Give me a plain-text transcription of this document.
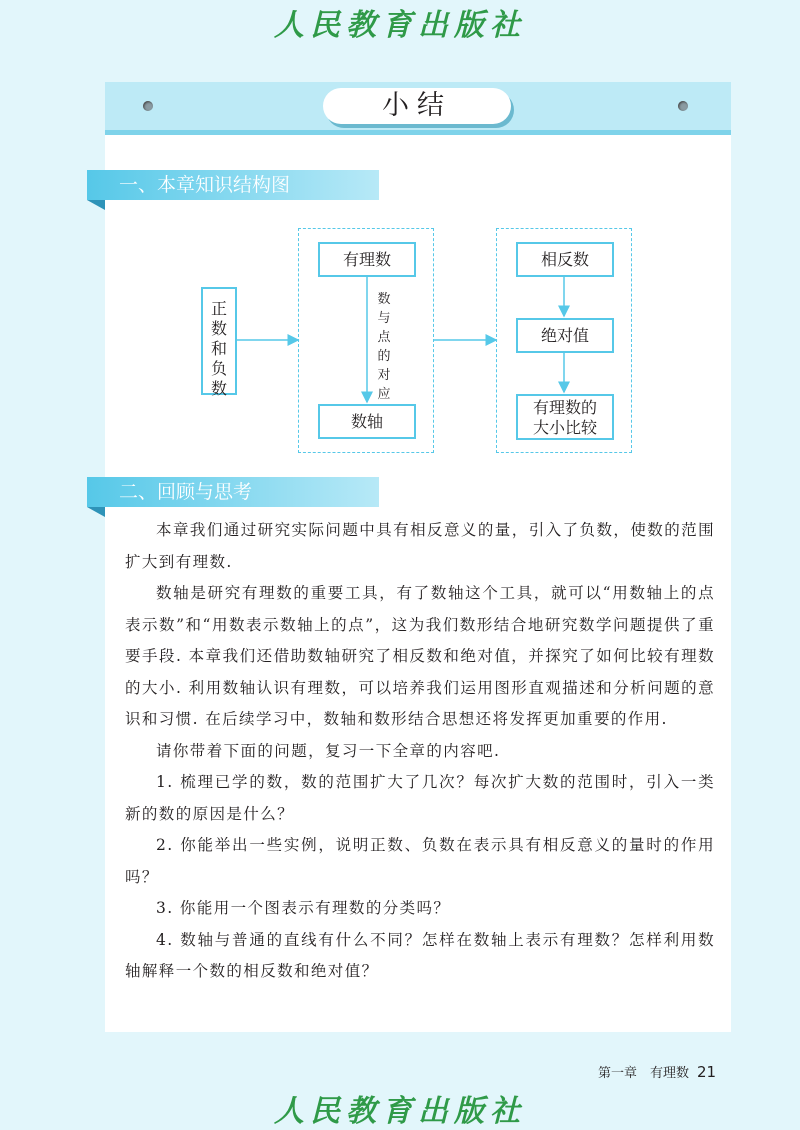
人民教育出版社
小结
一、本章知识结构图
正数和负数
有理数
数与点的对应
数轴
相反数
绝对值
有理数的
大小比较
二、回顾与思考

本章我们通过研究实际问题中具有相反意义的量，引入了负数，使数的范围扩大到有理数.

数轴是研究有理数的重要工具，有了数轴这个工具，就可以“用数轴上的点表示数”和“用数表示数轴上的点”，这为我们数形结合地研究数学问题提供了重要手段. 本章我们还借助数轴研究了相反数和绝对值，并探究了如何比较有理数的大小. 利用数轴认识有理数，可以培养我们运用图形直观描述和分析问题的意识和习惯. 在后续学习中，数轴和数形结合思想还将发挥更加重要的作用.

请你带着下面的问题，复习一下全章的内容吧.

1. 梳理已学的数，数的范围扩大了几次？每次扩大数的范围时，引入一类新的数的原因是什么？

2. 你能举出一些实例，说明正数、负数在表示具有相反意义的量时的作用吗？

3. 你能用一个图表示有理数的分类吗？

4. 数轴与普通的直线有什么不同？怎样在数轴上表示有理数？怎样利用数轴解释一个数的相反数和绝对值？

第一章　有理数 21
人民教育出版社
